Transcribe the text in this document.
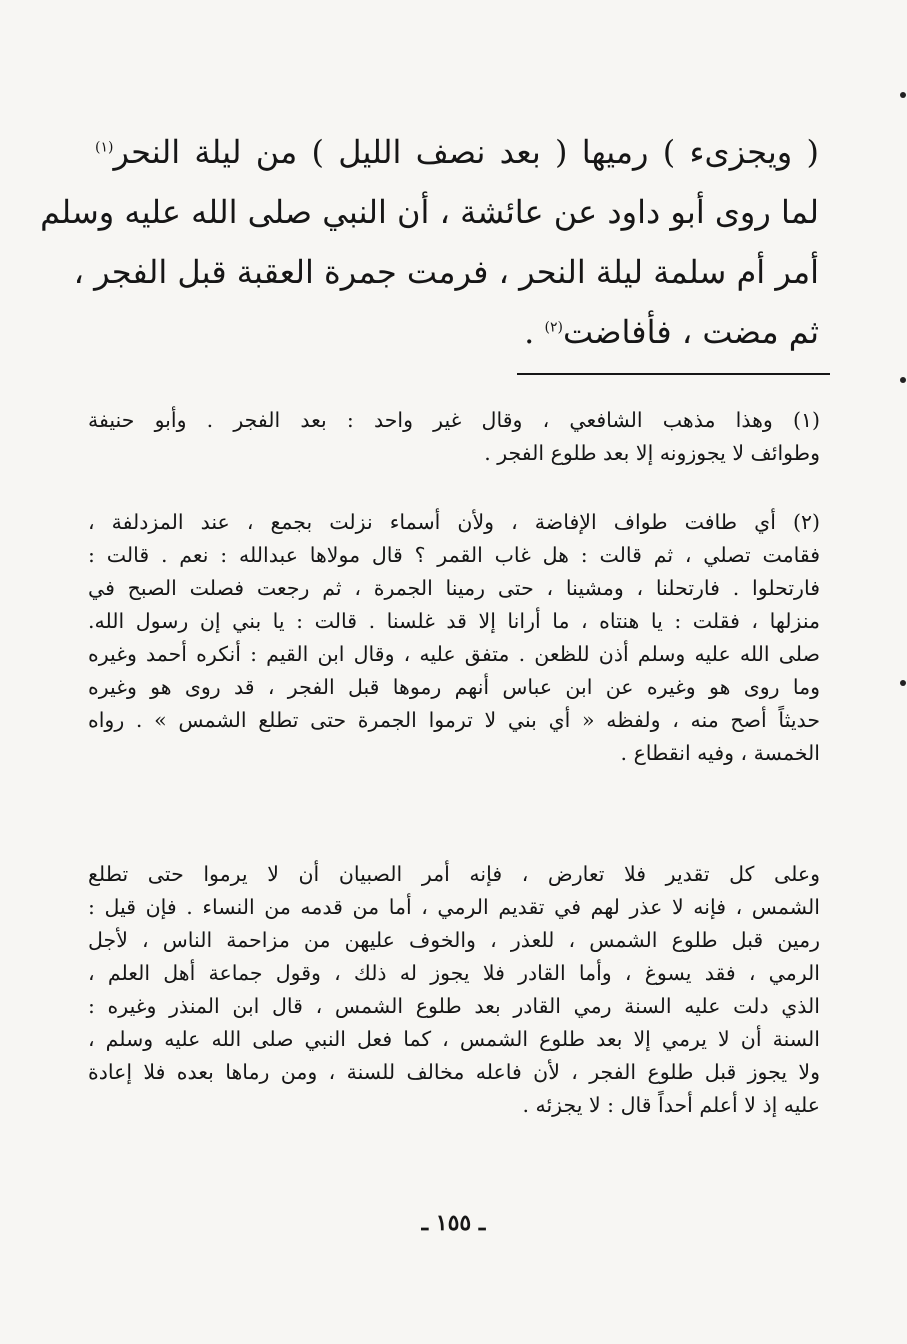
( ويجزىء ) رميها ( بعد نصف الليل ) من ليلة النحر$^{(١)}$
لما روى أبو داود عن عائشة ، أن النبي صلى الله عليه وسلم
أمر أم سلمة ليلة النحر ، فرمت جمرة العقبة قبل الفجر ،
ثم مضت ، فأفاضت$^{(٢)}$ .
(١) وهذا مذهب الشافعي ، وقال غير واحد : بعد الفجر . وأبو حنيفة
وطوائف لا يجوزونه إلا بعد طلوع الفجر .
(٢) أي طافت طواف الإفاضة ، ولأن أسماء نزلت بجمع ، عند المزدلفة ،
فقامت تصلي ، ثم قالت : هل غاب القمر ؟ قال مولاها عبدالله : نعم . قالت :
فارتحلوا . فارتحلنا ، ومشينا ، حتى رمينا الجمرة ، ثم رجعت فصلت الصبح في
منزلها ، فقلت : يا هنتاه ، ما أرانا إلا قد غلسنا . قالت : يا بني إن رسول الله.
صلى الله عليه وسلم أذن للظعن . متفق عليه ، وقال ابن القيم : أنكره أحمد وغيره
وما روى هو وغيره عن ابن عباس أنهم رموها قبل الفجر ، قد روى هو وغيره
حديثاً أصح منه ، ولفظه « أي بني لا ترموا الجمرة حتى تطلع الشمس » . رواه
الخمسة ، وفيه انقطاع .
وعلى كل تقدير فلا تعارض ، فإنه أمر الصبيان أن لا يرموا حتى تطلع
الشمس ، فإنه لا عذر لهم في تقديم الرمي ، أما من قدمه من النساء . فإن قيل :
رمين قبل طلوع الشمس ، للعذر ، والخوف عليهن من مزاحمة الناس ، لأجل
الرمي ، فقد يسوغ ، وأما القادر فلا يجوز له ذلك ، وقول جماعة أهل العلم ،
الذي دلت عليه السنة رمي القادر بعد طلوع الشمس ، قال ابن المنذر وغيره :
السنة أن لا يرمي إلا بعد طلوع الشمس ، كما فعل النبي صلى الله عليه وسلم ،
ولا يجوز قبل طلوع الفجر ، لأن فاعله مخالف للسنة ، ومن رماها بعده فلا إعادة
عليه إذ لا أعلم أحداً قال : لا يجزئه .
ـ ١٥٥ ـ
